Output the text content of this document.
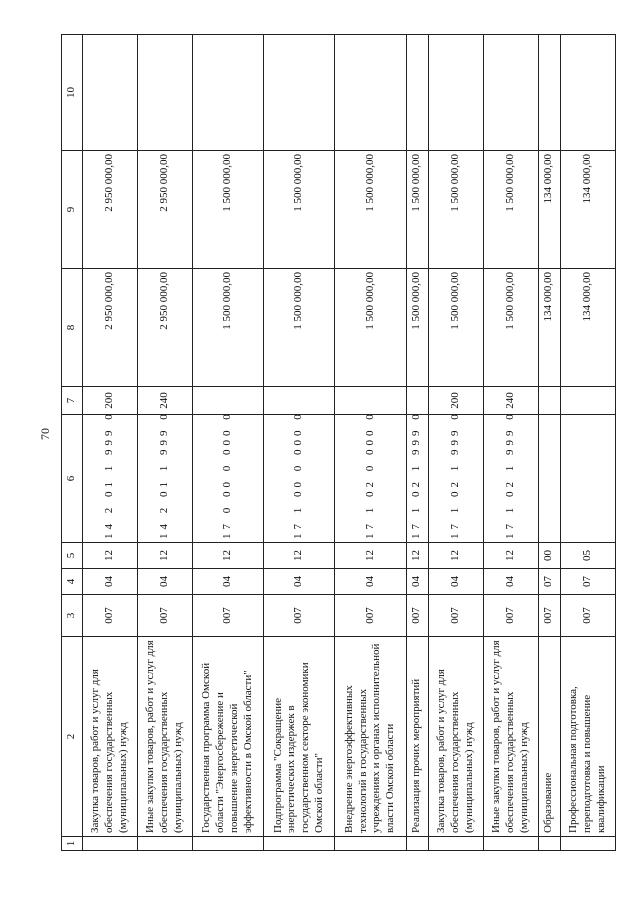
70
1	2	3	4	5	6	7	8	9	10
	Закупка товаров, работ и услуг для обеспечения государственных (муниципальных) нужд	007	04	12	14 2 01 1 999 0	200	2 950 000,00	2 950 000,00	
	Иные закупки товаров, работ и услуг для обеспечения государственных (муниципальных) нужд	007	04	12	14 2 01 1 999 0	240	2 950 000,00	2 950 000,00	
	Государственная программа Омской области "Энергосбережение и повышение энергетической эффективности в Омской области"	007	04	12	17 0 00 0 000 0		1 500 000,00	1 500 000,00	
	Подпрограмма "Сокращение энергетических издержек в государственном секторе экономики Омской области"	007	04	12	17 1 00 0 000 0		1 500 000,00	1 500 000,00	
	Внедрение энергоэффективных технологий в государственных учреждениях и органах исполнительной власти Омской области	007	04	12	17 1 02 0 000 0		1 500 000,00	1 500 000,00	
	Реализация прочих мероприятий	007	04	12	17 1 02 1 999 0		1 500 000,00	1 500 000,00	
	Закупка товаров, работ и услуг для обеспечения государственных (муниципальных) нужд	007	04	12	17 1 02 1 999 0	200	1 500 000,00	1 500 000,00	
	Иные закупки товаров, работ и услуг для обеспечения государственных (муниципальных) нужд	007	04	12	17 1 02 1 999 0	240	1 500 000,00	1 500 000,00	
	Образование	007	07	00			134 000,00	134 000,00	
	Профессиональная подготовка, переподготовка и повышение квалификации	007	07	05			134 000,00	134 000,00	
